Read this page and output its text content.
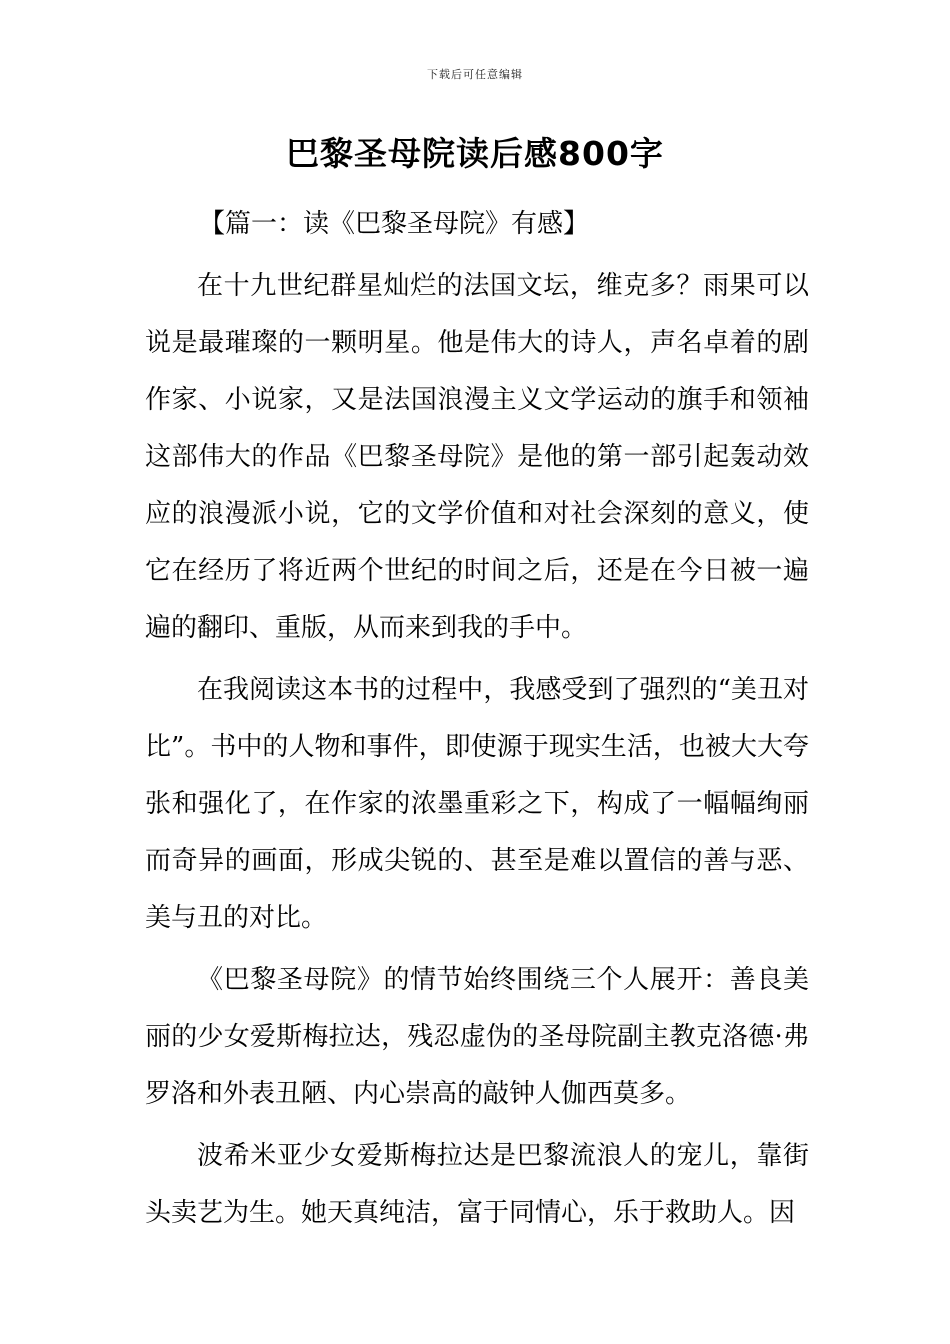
下载后可任意编辑
巴黎圣母院读后感800字
【篇一：读《巴黎圣母院》有感】

在十九世纪群星灿烂的法国文坛，维克多？雨果可以说是最璀璨的一颗明星。他是伟大的诗人，声名卓着的剧作家、小说家，又是法国浪漫主义文学运动的旗手和领袖这部伟大的作品《巴黎圣母院》是他的第一部引起轰动效应的浪漫派小说，它的文学价值和对社会深刻的意义，使它在经历了将近两个世纪的时间之后，还是在今日被一遍遍的翻印、重版，从而来到我的手中。

在我阅读这本书的过程中，我感受到了强烈的“美丑对比”。书中的人物和事件，即使源于现实生活，也被大大夸张和强化了，在作家的浓墨重彩之下，构成了一幅幅绚丽而奇异的画面，形成尖锐的、甚至是难以置信的善与恶、美与丑的对比。

《巴黎圣母院》的情节始终围绕三个人展开：善良美丽的少女爱斯梅拉达，残忍虚伪的圣母院副主教克洛德·弗罗洛和外表丑陋、内心崇高的敲钟人伽西莫多。

波希米亚少女爱斯梅拉达是巴黎流浪人的宠儿，靠街头卖艺为生。她天真纯洁，富于同情心，乐于救助人。因
